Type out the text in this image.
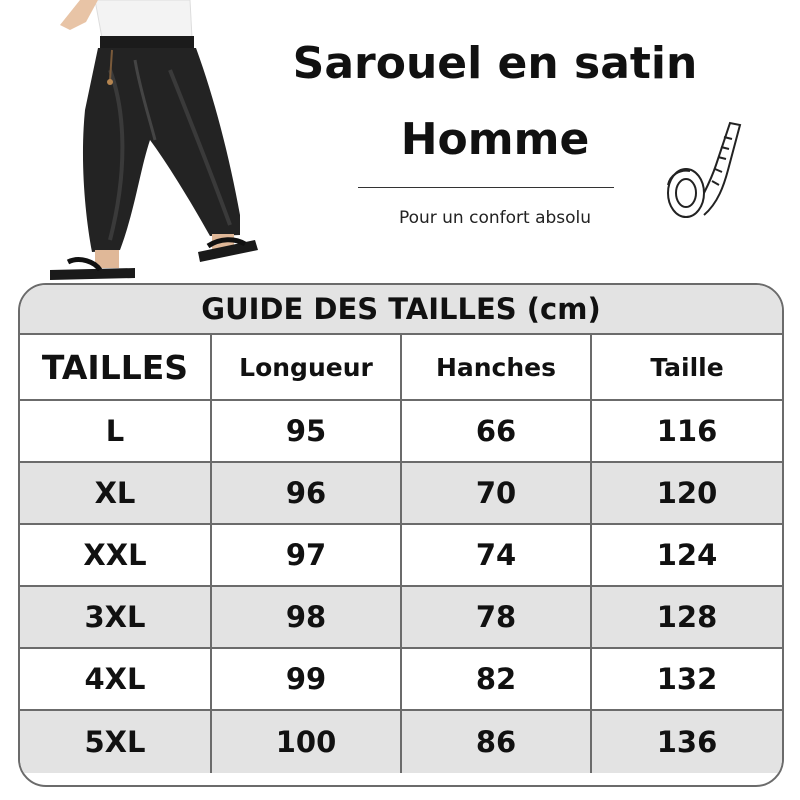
Sarouel en satin
Homme
Pour un confort absolu
GUIDE DES TAILLES (cm)
TAILLES	Longueur	Hanches	Taille
L	95	66	116
XL	96	70	120
XXL	97	74	124
3XL	98	78	128
4XL	99	82	132
5XL	100	86	136
